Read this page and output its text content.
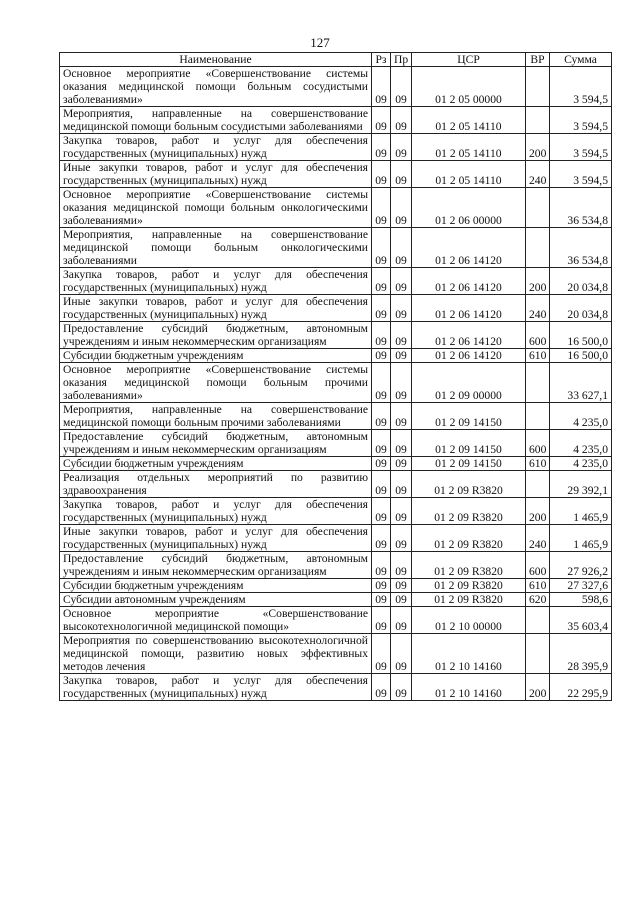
127
Наименование	Рз	Пр	ЦСР	ВР	Сумма
Основное мероприятие «Совершенствование системы оказания медицинской помощи больным сосудистыми заболеваниями»	09	09	01 2 05 00000		3 594,5
Мероприятия, направленные на совершенствование медицинской помощи больным сосудистыми заболеваниями	09	09	01 2 05 14110		3 594,5
Закупка товаров, работ и услуг для обеспечения государственных (муниципальных) нужд	09	09	01 2 05 14110	200	3 594,5
Иные закупки товаров, работ и услуг для обеспечения государственных (муниципальных) нужд	09	09	01 2 05 14110	240	3 594,5
Основное мероприятие «Совершенствование системы оказания медицинской помощи больным онкологическими заболеваниями»	09	09	01 2 06 00000		36 534,8
Мероприятия, направленные на совершенствование медицинской помощи больным онкологическими заболеваниями	09	09	01 2 06 14120		36 534,8
Закупка товаров, работ и услуг для обеспечения государственных (муниципальных) нужд	09	09	01 2 06 14120	200	20 034,8
Иные закупки товаров, работ и услуг для обеспечения государственных (муниципальных) нужд	09	09	01 2 06 14120	240	20 034,8
Предоставление субсидий бюджетным, автономным учреждениям и иным некоммерческим организациям	09	09	01 2 06 14120	600	16 500,0
Субсидии бюджетным учреждениям	09	09	01 2 06 14120	610	16 500,0
Основное мероприятие «Совершенствование системы оказания медицинской помощи больным прочими заболеваниями»	09	09	01 2 09 00000		33 627,1
Мероприятия, направленные на совершенствование медицинской помощи больным прочими заболеваниями	09	09	01 2 09 14150		4 235,0
Предоставление субсидий бюджетным, автономным учреждениям и иным некоммерческим организациям	09	09	01 2 09 14150	600	4 235,0
Субсидии бюджетным учреждениям	09	09	01 2 09 14150	610	4 235,0
Реализация отдельных мероприятий по развитию здравоохранения	09	09	01 2 09 R3820		29 392,1
Закупка товаров, работ и услуг для обеспечения государственных (муниципальных) нужд	09	09	01 2 09 R3820	200	1 465,9
Иные закупки товаров, работ и услуг для обеспечения государственных (муниципальных) нужд	09	09	01 2 09 R3820	240	1 465,9
Предоставление субсидий бюджетным, автономным учреждениям и иным некоммерческим организациям	09	09	01 2 09 R3820	600	27 926,2
Субсидии бюджетным учреждениям	09	09	01 2 09 R3820	610	27 327,6
Субсидии автономным учреждениям	09	09	01 2 09 R3820	620	598,6
Основное мероприятие «Совершенствование высокотехнологичной медицинской помощи»	09	09	01 2 10 00000		35 603,4
Мероприятия по совершенствованию высокотехнологичной медицинской помощи, развитию новых эффективных методов лечения	09	09	01 2 10 14160		28 395,9
Закупка товаров, работ и услуг для обеспечения государственных (муниципальных) нужд	09	09	01 2 10 14160	200	22 295,9
